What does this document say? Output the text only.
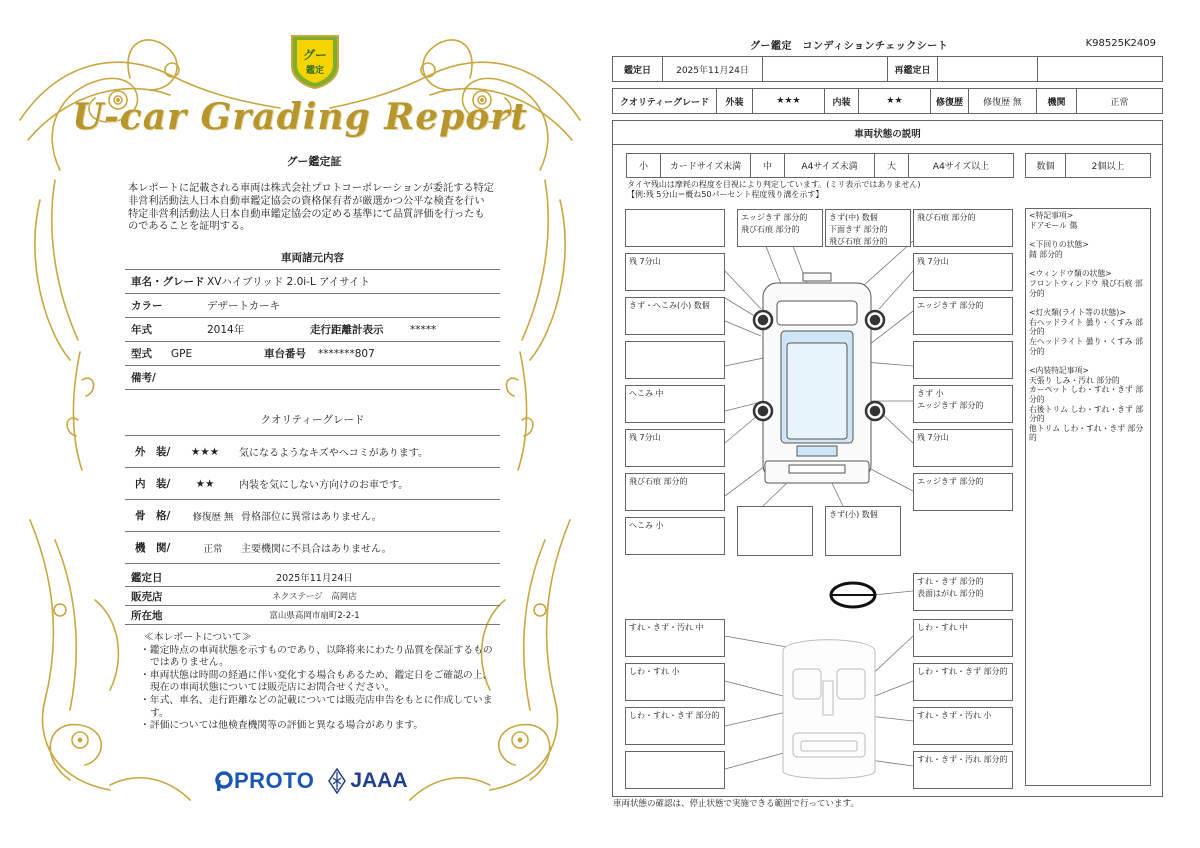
グー
鑑定
U-car Grading Report
グー鑑定証
本レポートに記載される車両は株式会社プロトコーポレーションが委託する特定非営利活動法人日本自動車鑑定協会の資格保有者が厳選かつ公平な検査を行い特定非営利活動法人日本自動車鑑定協会の定める基準にて品質評価を行ったものであることを証明する。
車両諸元内容
車名・グレード XVハイブリッド 2.0i-L アイサイト
カラー	デザートカーキ
年式	2014年	走行距離計表示	*****
型式	GPE	車台番号	*******807
備考/
クオリティーグレード
外　装/	★★★	気になるようなキズやへコミがあります。
内　装/	★★	内装を気にしない方向けのお車です。
骨　格/	修復歴 無 骨格部位に異常はありません。
機　関/	正常	主要機関に不具合はありません。
鑑定日	2025年11月24日
販売店	ネクステージ　高岡店
所在地	富山県高岡市扇町2-2-1
≪本レポートについて≫
・鑑定時点の車両状態を示すものであり、以降将来にわたり品質を保証するものではありません。
・車両状態は時間の経過に伴い変化する場合もあるため、鑑定日をご確認の上、現在の車両状態については販売店にお問合せください。
・年式、車名、走行距離などの記載については販売店申告をもとに作成しています。
・評価については他検査機関等の評価と異なる場合があります。
PROTO JAAA
グー鑑定　コンディションチェックシート	K98525K2409
鑑定日	2025年11月24日	再鑑定日
クオリティーグレード	外装	★★★	内装	★★	修復歴	修復歴 無	機関	正常
車両状態の説明
小	カードサイズ未満	中	A4サイズ未満	大	A4サイズ以上	数個	2個以上
タイヤ残山は摩耗の程度を目視により判定しています。(ミリ表示ではありません)
【例:残 5分山＝概ね50パーセント程度残り溝を示す】
エッジきず 部分的
飛び石痕 部分的
きず(中) 数個
下面きず 部分的
飛び石痕 部分的
飛び石痕 部分的
残 7分山
きず・へこみ(小) 数個
へこみ 中
残 7分山
飛び石痕 部分的
へこみ 小
残 7分山
エッジきず 部分的
きず 小
エッジきず 部分的
残 7分山
エッジきず 部分的
きず(小) 数個
すれ・きず 部分的
表面はがれ 部分的
すれ・きず・汚れ 中
しわ・すれ 小
しわ・すれ・きず 部分的
しわ・すれ 中
しわ・すれ・きず 部分的
すれ・きず・汚れ 小
すれ・きず・汚れ 部分的
<特記事項>
ドアモール 傷
<下回りの状態>
錆 部分的
<ウィンドウ類の状態>
フロントウィンドウ 飛び石痕 部分的
<灯火類(ライト等の状態)>
右ヘッドライト 曇り・くすみ 部分的
左ヘッドライト 曇り・くすみ 部分的
<内装特記事項>
天張り しみ・汚れ 部分的
カーペット しわ・すれ・きず 部分的
右後トリム しわ・すれ・きず 部分的
他トリム しわ・すれ・きず 部分的
車両状態の確認は、停止状態で実施できる範囲で行っています。
